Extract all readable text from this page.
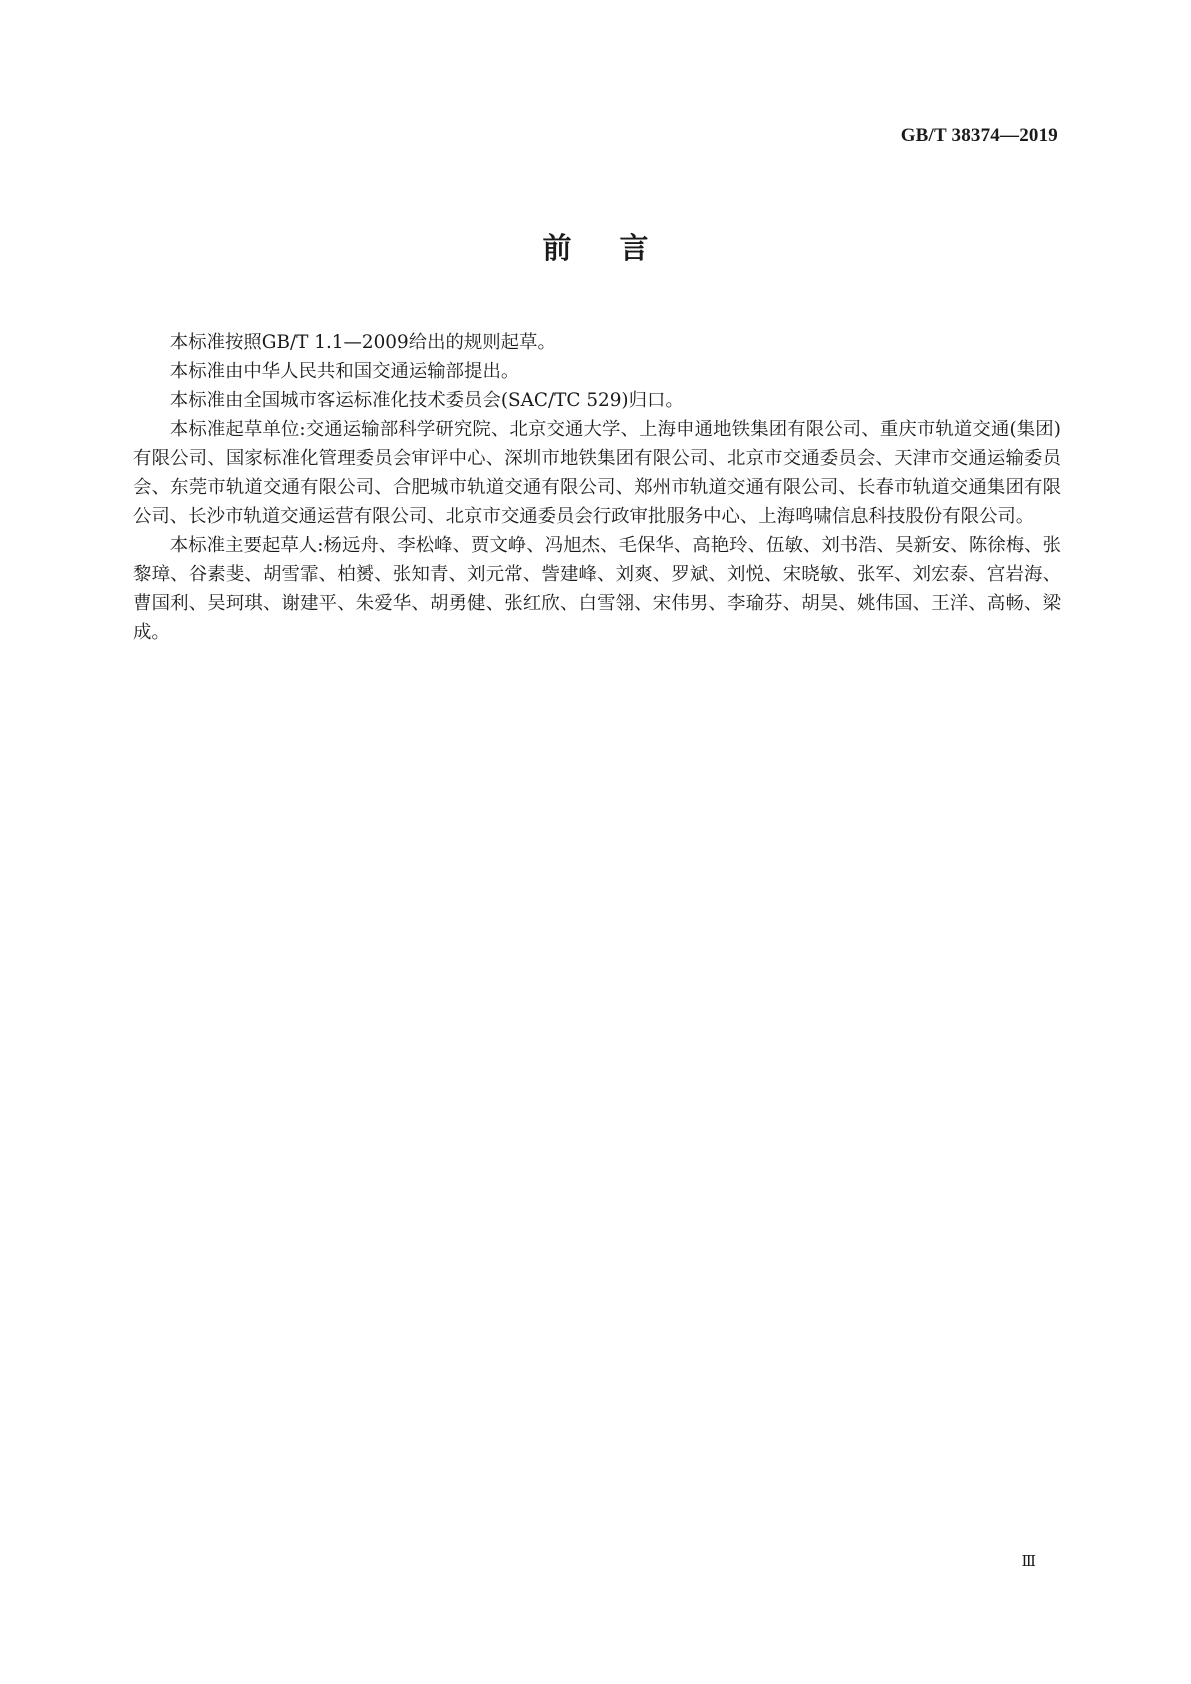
GB/T 38374—2019
前言

本标准按照GB/T 1.1—2009给出的规则起草。

本标准由中华人民共和国交通运输部提出。

本标准由全国城市客运标准化技术委员会(SAC/TC 529)归口。

本标准起草单位:交通运输部科学研究院、北京交通大学、上海申通地铁集团有限公司、重庆市轨道交通(集团)有限公司、国家标准化管理委员会审评中心、深圳市地铁集团有限公司、北京市交通委员会、天津市交通运输委员会、东莞市轨道交通有限公司、合肥城市轨道交通有限公司、郑州市轨道交通有限公司、长春市轨道交通集团有限公司、长沙市轨道交通运营有限公司、北京市交通委员会行政审批服务中心、上海鸣啸信息科技股份有限公司。

本标准主要起草人:杨远舟、李松峰、贾文峥、冯旭杰、毛保华、高艳玲、伍敏、刘书浩、吴新安、陈徐梅、张黎璋、谷素斐、胡雪霏、柏赟、张知青、刘元常、訾建峰、刘爽、罗斌、刘悦、宋晓敏、张军、刘宏泰、宫岩海、曹国利、吴珂琪、谢建平、朱爱华、胡勇健、张红欣、白雪翎、宋伟男、李瑜芬、胡昊、姚伟国、王洋、高畅、梁成。

Ⅲ
